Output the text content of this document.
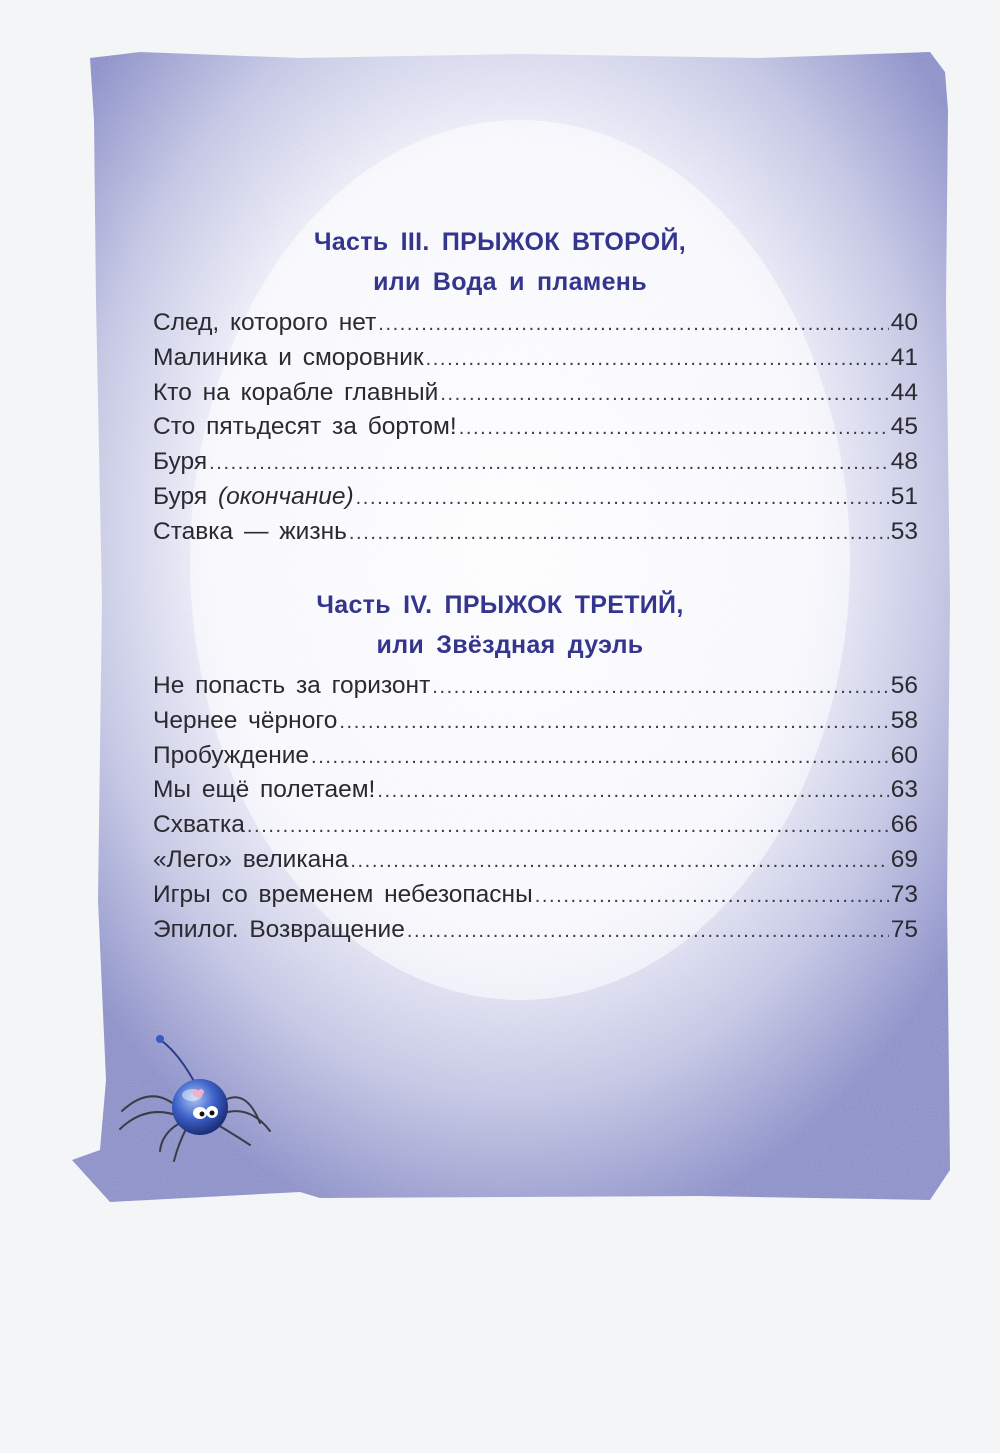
Часть III. ПРЫЖОК ВТОРОЙ,
или Вода и пламень
След, которого нет .....	40
Малиника и сморовник .....	41
Кто на корабле главный .....	44
Сто пятьдесят за бортом! .....	45
Буря .....	48
Буря (окончание) .....	51
Ставка — жизнь .....	53
Часть IV. ПРЫЖОК ТРЕТИЙ,
или Звёздная дуэль
Не попасть за горизонт .....	56
Чернее чёрного .....	58
Пробуждение .....	60
Мы ещё полетаем! .....	63
Схватка .....	66
«Лего» великана .....	69
Игры со временем небезопасны .....	73
Эпилог. Возвращение .....	75
